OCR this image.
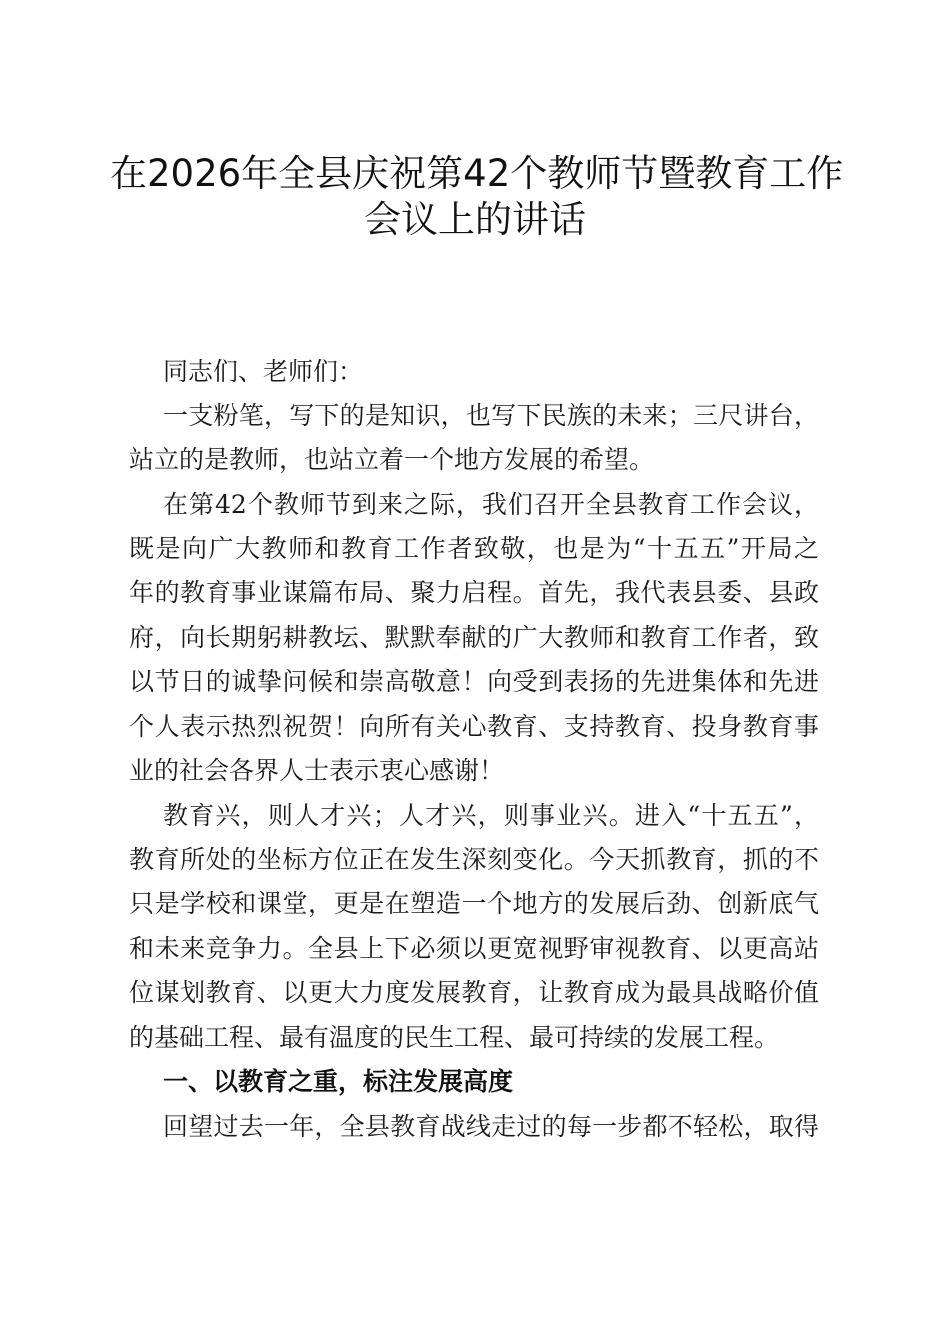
在2026年全县庆祝第42个教师节暨教育工作
会议上的讲话
同志们、老师们：
一支粉笔，写下的是知识，也写下民族的未来；三尺讲台，
站立的是教师，也站立着一个地方发展的希望。
在第42个教师节到来之际，我们召开全县教育工作会议，
既是向广大教师和教育工作者致敬，也是为“十五五”开局之
年的教育事业谋篇布局、聚力启程。首先，我代表县委、县政
府，向长期躬耕教坛、默默奉献的广大教师和教育工作者，致
以节日的诚挚问候和崇高敬意！向受到表扬的先进集体和先进
个人表示热烈祝贺！向所有关心教育、支持教育、投身教育事
业的社会各界人士表示衷心感谢！
教育兴，则人才兴；人才兴，则事业兴。进入“十五五”，
教育所处的坐标方位正在发生深刻变化。今天抓教育，抓的不
只是学校和课堂，更是在塑造一个地方的发展后劲、创新底气
和未来竞争力。全县上下必须以更宽视野审视教育、以更高站
位谋划教育、以更大力度发展教育，让教育成为最具战略价值
的基础工程、最有温度的民生工程、最可持续的发展工程。
一、以教育之重，标注发展高度
回望过去一年，全县教育战线走过的每一步都不轻松，取得
